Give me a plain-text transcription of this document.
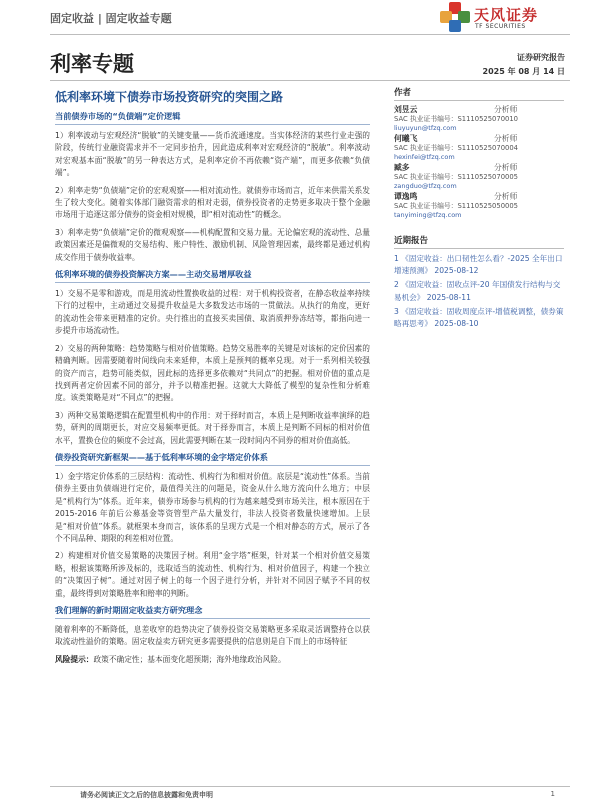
固定收益 | 固定收益专题	天风证券
TF SECURITIES
利率专题	证券研究报告
2025 年 08 月 14 日
低利率环境下债券市场投资研究的突围之路
当前债券市场的“负债端”定价逻辑

1）利率波动与宏观经济“脱敏”的关键变量——货币流通速度。当实体经济的某些行业走强的阶段，传统行业融资需求并不一定同步抬升，因此造成利率对宏观经济的“脱敏”。利率波动对宏观基本面“脱敏”的另一种表达方式，是利率定价不再依赖“资产端”，而更多依赖“负债端”。

2）利率走势“负债端”定价的宏观观察——相对流动性。就债券市场而言，近年来供需关系发生了较大变化。随着实体部门融资需求的相对走弱，债券投资者的走势更多取决于整个金融市场用于追逐这部分债券的资金相对规模，即“相对流动性”的概念。

3）利率走势“负债端”定价的微观观察——机构配置和交易力量。无论偏宏观的流动性、总量政策因素还是偏微观的交易结构、账户特性、激励机制、风险管理因素，最终都是通过机构成交作用于债券收益率。

低利率环境的债券投资解决方案——主动交易增厚收益

1）交易不是零和游戏，而是用流动性置换收益的过程：对于机构投资者，在静态收益率持续下行的过程中，主动通过交易提升收益是大多数发达市场的一贯做法。从执行的角度，更好的流动性会带来更精准的定价。央行推出的直接买卖国债、取消质押券冻结等，都指向进一步提升市场流动性。

2）交易的两种策略：趋势策略与相对价值策略。趋势交易胜率的关键是对该标的定价因素的精确判断。因需要随着时间线向未来延伸，本质上是预判的概率兑现。对于一系列相关较强的资产而言，趋势可能类似，因此标的选择更多依赖对“共同点”的把握。相对价值的重点是找到两者定价因素不同的部分，并予以精准把握。这就大大降低了模型的复杂性和分析难度。该类策略是对“不同点”的把握。

3）两种交易策略逻辑在配置型机构中的作用：对于择时而言，本质上是判断收益率演绎的趋势，研判的周期更长，对应交易频率更低。对于择券而言，本质上是判断不同标的相对价值水平，置换仓位的频度不会过高，因此需要判断在某一段时间内不同券的相对价值高低。

债券投资研究新框架——基于低利率环境的金字塔定价体系

1）金字塔定价体系的三层结构：流动性、机构行为和相对价值。底层是“流动性”体系。当前债券主要由负债端进行定价，最值得关注的问题是，资金从什么地方流向什么地方；中层是“机构行为”体系。近年来，债券市场参与机构的行为越来越受到市场关注，根本原因在于 2015-2016 年前后公募基金等资管型产品大量发行，非法人投资者数量快速增加。上层是“相对价值”体系。就框架本身而言，该体系的呈现方式是一个相对静态的方式，展示了各个不同品种、期限的利差相对位置。

2）构建相对价值交易策略的决策因子树。利用“金字塔”框架，针对某一个相对价值交易策略，根据该策略所涉及标的，选取适当的流动性、机构行为、相对价值因子，构建一个独立的“决策因子树”。通过对因子树上的每一个因子进行分析，并针对不同因子赋予不同的权重，最终得到对策略胜率和赔率的判断。

我们理解的新时期固定收益卖方研究理念

随着利率的不断降低，息差收窄的趋势决定了债券投资交易策略更多采取灵活调整持仓以获取流动性溢价的策略。固定收益卖方研究更多需要提供的信息则是自下而上的市场特征

风险提示：政策不确定性；基本面变化超预期；海外地缘政治风险。
作者
刘昱云	分析师
SAC 执业证书编号：S1110525070010
liuyuyun@tfzq.com
何曦飞	分析师
SAC 执业证书编号：S1110525070004
hexinfei@tfzq.com
臧多	分析师
SAC 执业证书编号：S1110525070005
zangduo@tfzq.com
谭逸鸣	分析师
SAC 执业证书编号：S1110525050005
tanyiming@tfzq.com
近期报告
1 《固定收益：出口韧性怎么看？-2025 全年出口增速预测》 2025-08-12
2 《固定收益：固收点评-20 年国债发行结构与交易机会》 2025-08-11
3 《固定收益：固收周度点评-增值税调整，债券策略再思考》 2025-08-10
请务必阅读正文之后的信息披露和免责申明	1
